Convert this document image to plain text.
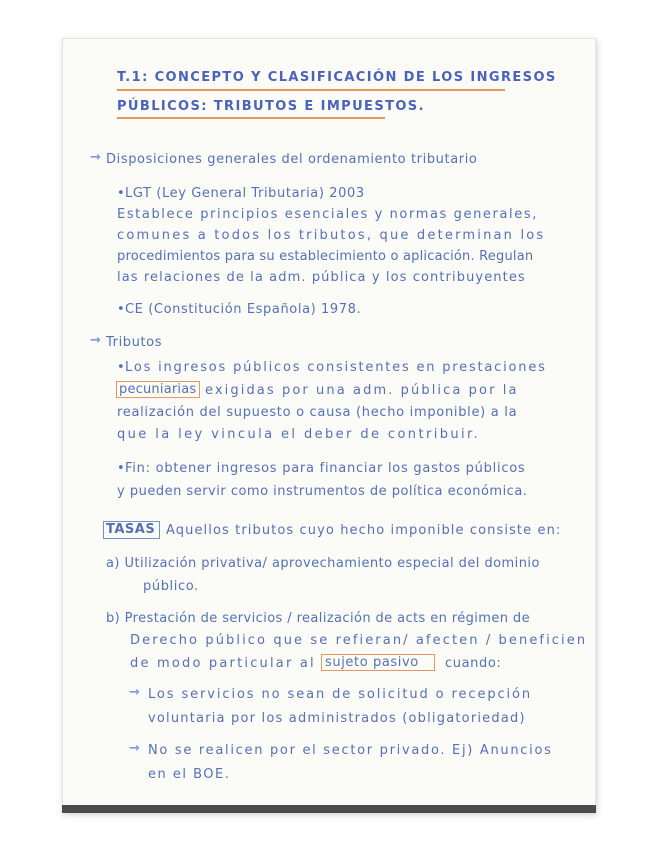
T.1: CONCEPTO Y CLASIFICACIÓN DE LOS INGRESOS
PÚBLICOS: TRIBUTOS E IMPUESTOS.
→ Disposiciones generales del ordenamiento tributario
• LGT (Ley General Tributaria) 2003
Establece principios esenciales y normas generales,
comunes a todos los tributos, que determinan los
procedimientos para su establecimiento o aplicación. Regulan
las relaciones de la adm. pública y los contribuyentes
• CE (Constitución Española) 1978.
→ Tributos
• Los ingresos públicos consistentes en prestaciones
pecuniarias exigidas por una adm. pública por la
realización del supuesto o causa (hecho imponible) a la
que la ley vincula el deber de contribuir.
• Fin: obtener ingresos para financiar los gastos públicos
y pueden servir como instrumentos de política económica.
TASAS Aquellos tributos cuyo hecho imponible consiste en:
a) Utilización privativa/ aprovechamiento especial del dominio
público.
b) Prestación de servicios / realización de acts en régimen de
Derecho público que se refieran/ afecten / beneficien
de modo particular al sujeto pasivo cuando:
→ Los servicios no sean de solicitud o recepción
voluntaria por los administrados (obligatoriedad)
→ No se realicen por el sector privado. Ej) Anuncios
en el BOE.
